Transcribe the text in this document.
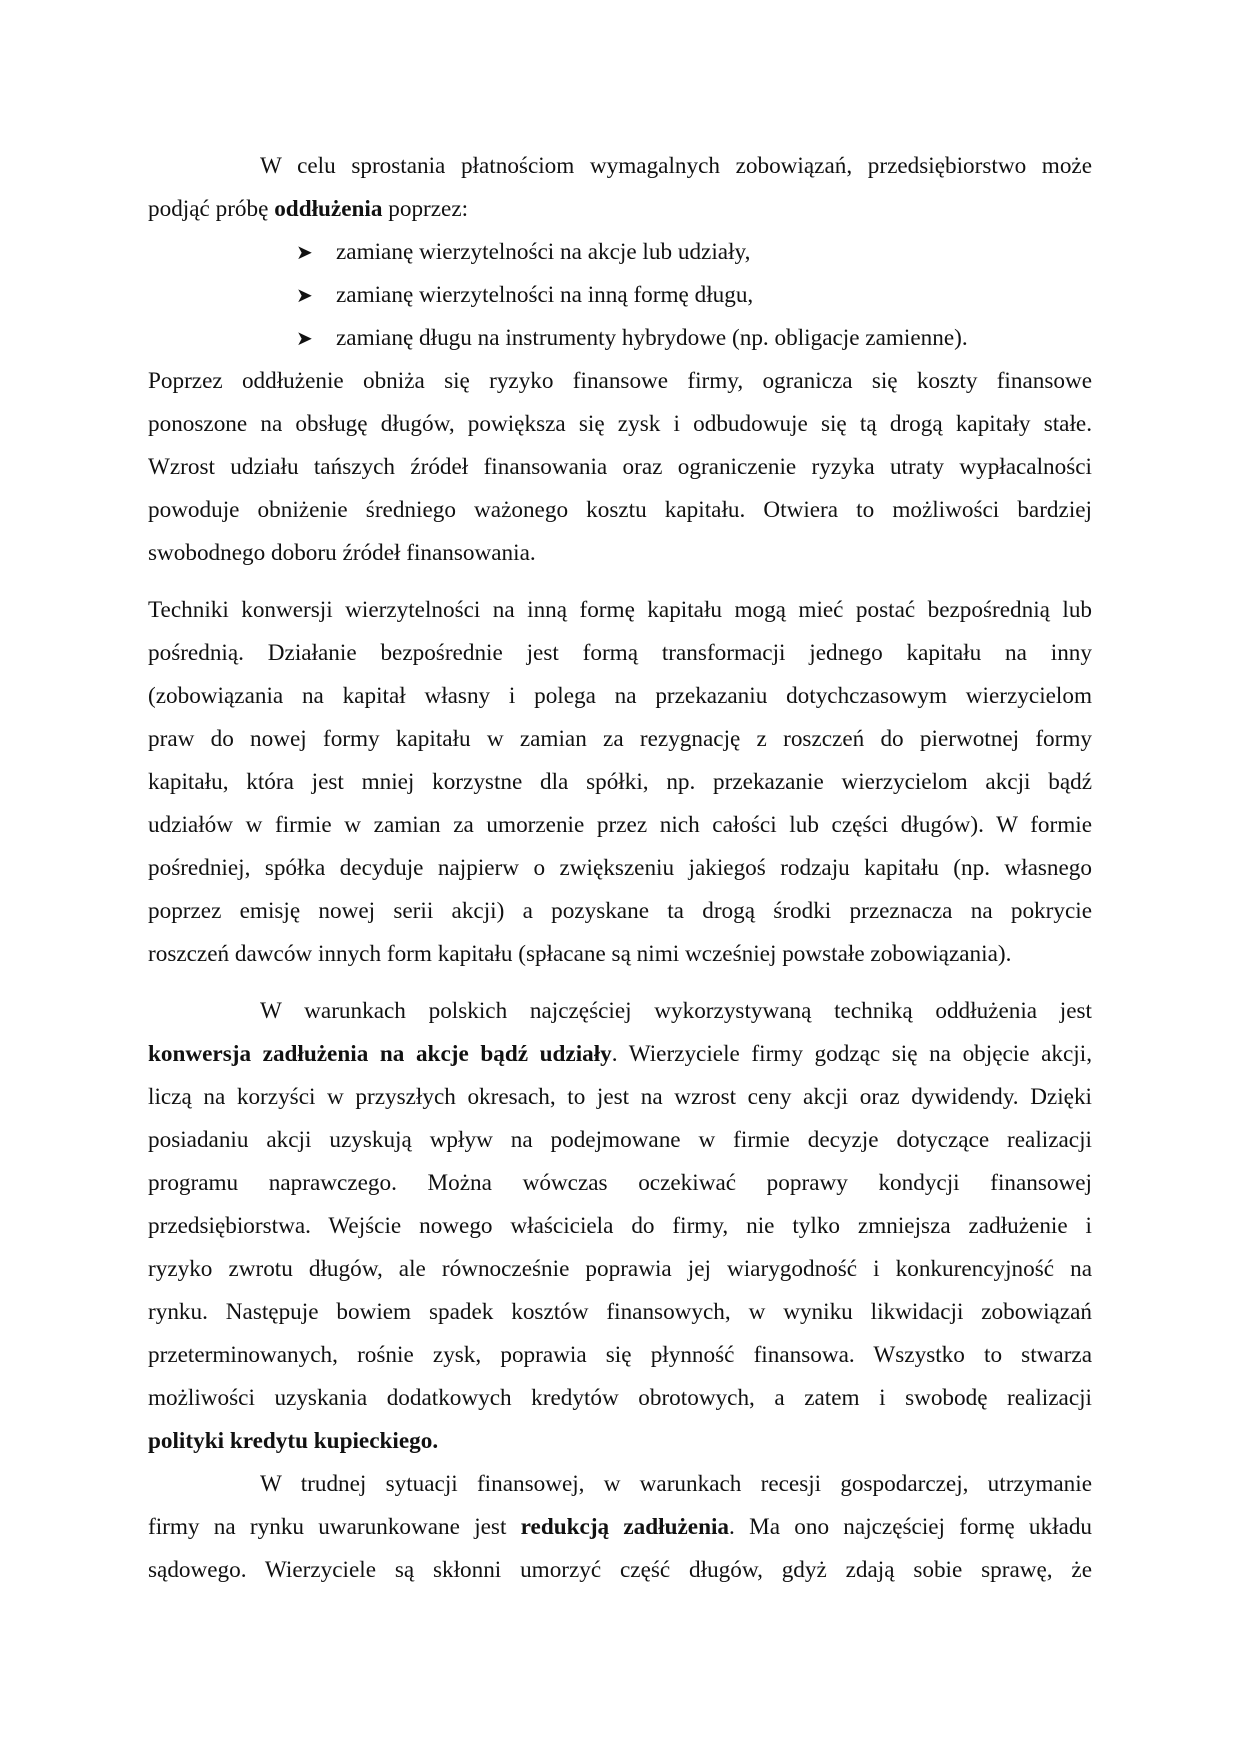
W celu sprostania płatnościom wymagalnych zobowiązań, przedsiębiorstwo może
podjąć próbę oddłużenia poprzez:
➤ zamianę wierzytelności na akcje lub udziały,
➤ zamianę wierzytelności na inną formę długu,
➤ zamianę długu na instrumenty hybrydowe (np. obligacje zamienne).
Poprzez oddłużenie obniża się ryzyko finansowe firmy, ogranicza się koszty finansowe
ponoszone na obsługę długów, powiększa się zysk i odbudowuje się tą drogą kapitały stałe.
Wzrost udziału tańszych źródeł finansowania oraz ograniczenie ryzyka utraty wypłacalności
powoduje obniżenie średniego ważonego kosztu kapitału. Otwiera to możliwości bardziej
swobodnego doboru źródeł finansowania.
Techniki konwersji wierzytelności na inną formę kapitału mogą mieć postać bezpośrednią lub
pośrednią. Działanie bezpośrednie jest formą transformacji jednego kapitału na inny
(zobowiązania na kapitał własny i polega na przekazaniu dotychczasowym wierzycielom
praw do nowej formy kapitału w zamian za rezygnację z roszczeń do pierwotnej formy
kapitału, która jest mniej korzystne dla spółki, np. przekazanie wierzycielom akcji bądź
udziałów w firmie w zamian za umorzenie przez nich całości lub części długów). W formie
pośredniej, spółka decyduje najpierw o zwiększeniu jakiegoś rodzaju kapitału (np. własnego
poprzez emisję nowej serii akcji) a pozyskane ta drogą środki przeznacza na pokrycie
roszczeń dawców innych form kapitału (spłacane są nimi wcześniej powstałe zobowiązania).
W warunkach polskich najczęściej wykorzystywaną techniką oddłużenia jest
konwersja zadłużenia na akcje bądź udziały. Wierzyciele firmy godząc się na objęcie akcji,
liczą na korzyści w przyszłych okresach, to jest na wzrost ceny akcji oraz dywidendy. Dzięki
posiadaniu akcji uzyskują wpływ na podejmowane w firmie decyzje dotyczące realizacji
programu naprawczego. Można wówczas oczekiwać poprawy kondycji finansowej
przedsiębiorstwa. Wejście nowego właściciela do firmy, nie tylko zmniejsza zadłużenie i
ryzyko zwrotu długów, ale równocześnie poprawia jej wiarygodność i konkurencyjność na
rynku. Następuje bowiem spadek kosztów finansowych, w wyniku likwidacji zobowiązań
przeterminowanych, rośnie zysk, poprawia się płynność finansowa. Wszystko to stwarza
możliwości uzyskania dodatkowych kredytów obrotowych, a zatem i swobodę realizacji
polityki kredytu kupieckiego.
W trudnej sytuacji finansowej, w warunkach recesji gospodarczej, utrzymanie
firmy na rynku uwarunkowane jest redukcją zadłużenia. Ma ono najczęściej formę układu
sądowego. Wierzyciele są skłonni umorzyć część długów, gdyż zdają sobie sprawę, że
